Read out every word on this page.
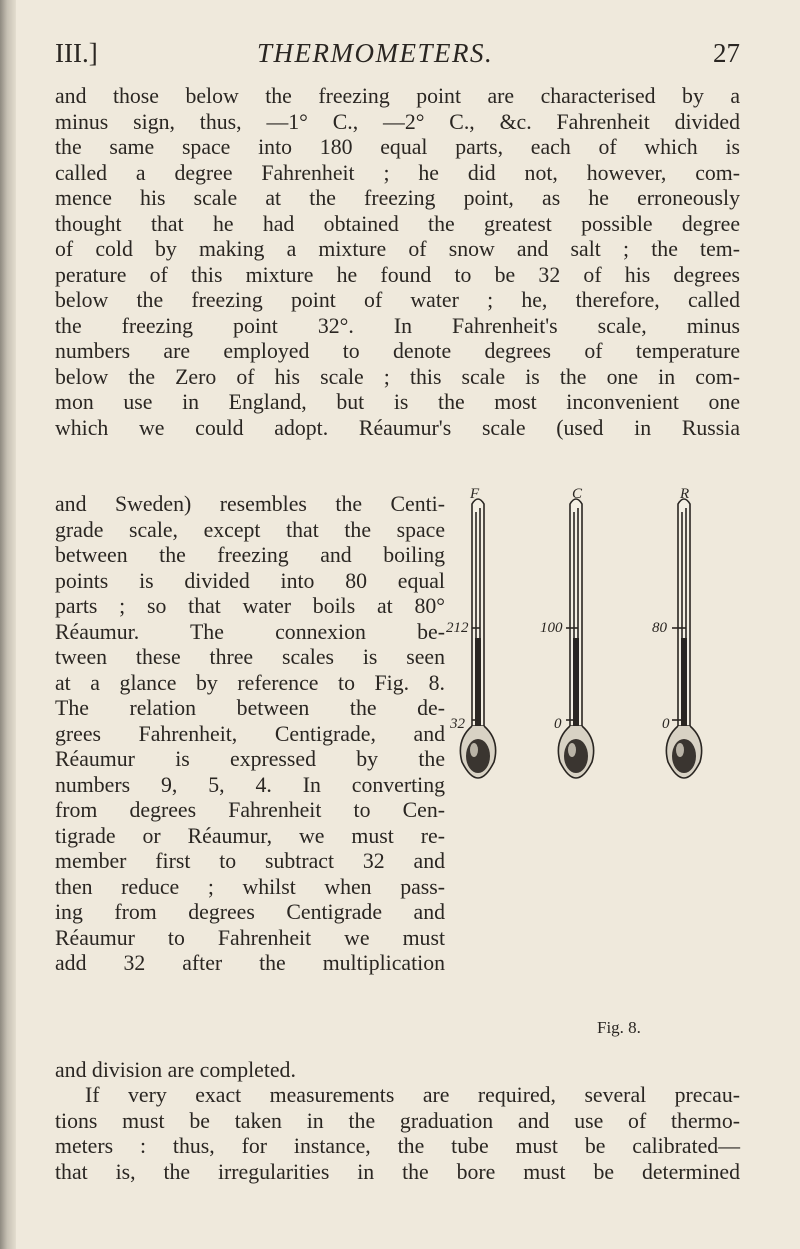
III.]	THERMOMETERS.	27
and those below the freezing point are characterised by a
minus sign, thus, —1° C., —2° C., &c. Fahrenheit divided
the same space into 180 equal parts, each of which is
called a degree Fahrenheit ; he did not, however, com-
mence his scale at the freezing point, as he erroneously
thought that he had obtained the greatest possible degree
of cold by making a mixture of snow and salt ; the tem-
perature of this mixture he found to be 32 of his degrees
below the freezing point of water ; he, therefore, called
the freezing point 32°. In Fahrenheit's scale, minus
numbers are employed to denote degrees of temperature
below the Zero of his scale ; this scale is the one in com-
mon use in England, but is the most inconvenient one
which we could adopt. Réaumur's scale (used in Russia
and Sweden) resembles the Centi-
grade scale, except that the space
between the freezing and boiling
points is divided into 80 equal
parts ; so that water boils at 80°
Réaumur. The connexion be-
tween these three scales is seen
at a glance by reference to Fig. 8.
The relation between the de-
grees Fahrenheit, Centigrade, and
Réaumur is expressed by the
numbers 9, 5, 4. In converting
from degrees Fahrenheit to Cen-
tigrade or Réaumur, we must re-
member first to subtract 32 and
then reduce ; whilst when pass-
ing from degrees Centigrade and
Réaumur to Fahrenheit we must
add 32 after the multiplication
and division are completed.
F	C	R
212
32
100
0
80
0
Fig. 8.
If very exact measurements are required, several precau-
tions must be taken in the graduation and use of thermo-
meters : thus, for instance, the tube must be calibrated—
that is, the irregularities in the bore must be determined
